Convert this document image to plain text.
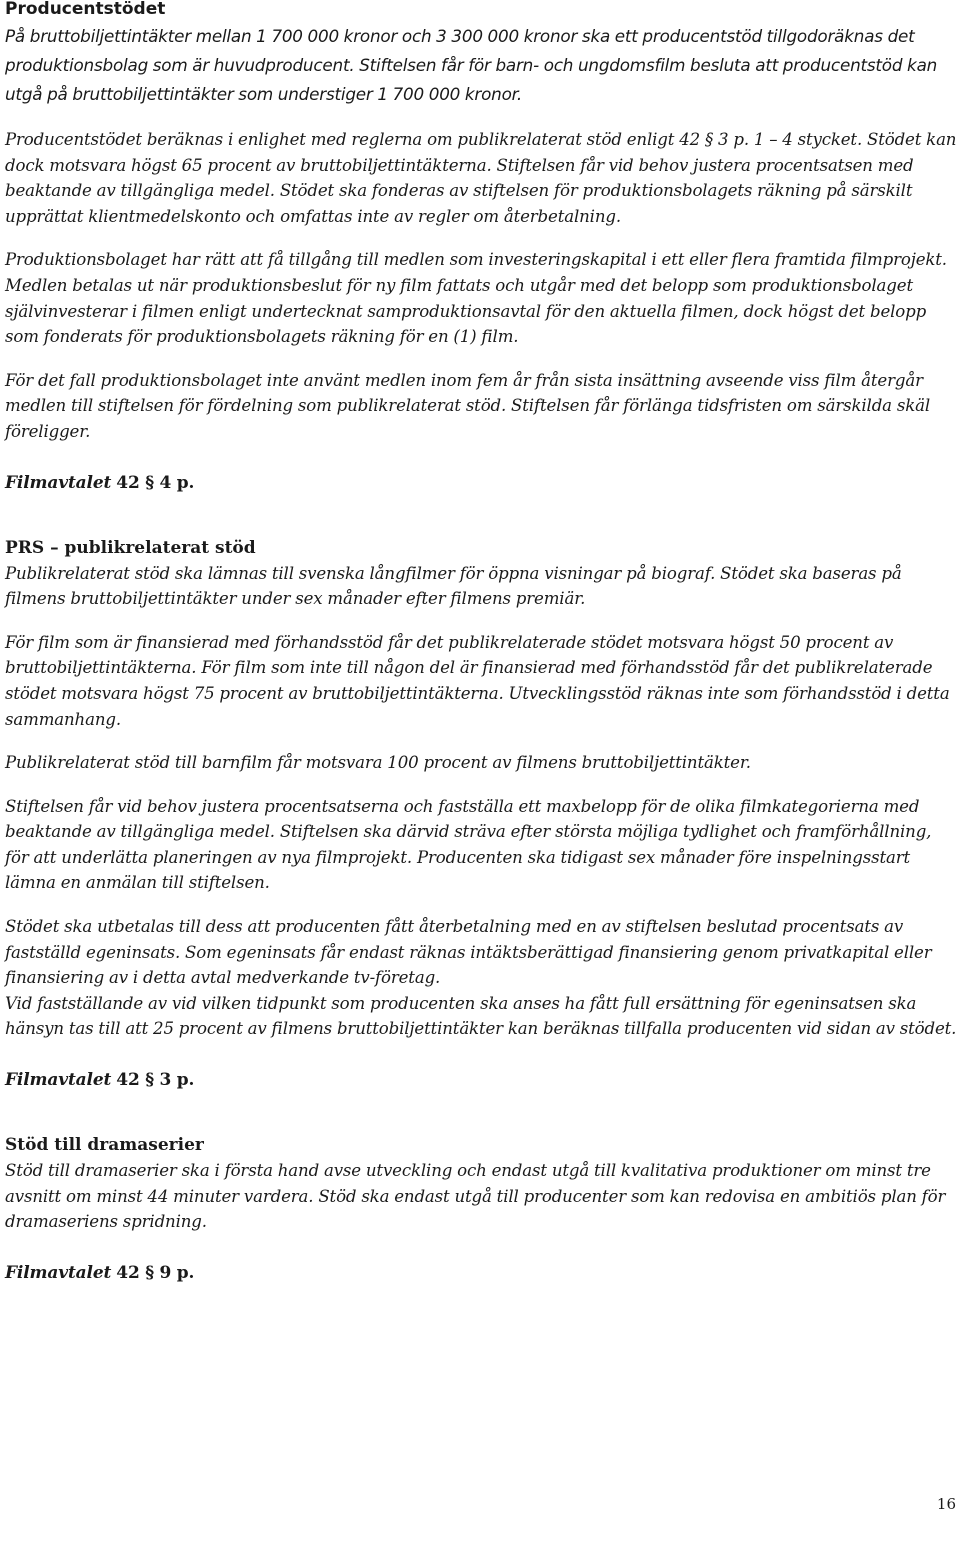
Producentstödet

På bruttobiljettintäkter mellan 1 700 000 kronor och 3 300 000 kronor ska ett producentstöd tillgodoräknas det produktionsbolag som är huvudproducent. Stiftelsen får för barn- och ungdomsfilm besluta att producentstöd kan utgå på bruttobiljettintäkter som understiger 1 700 000 kronor.

Producentstödet beräknas i enlighet med reglerna om publikrelaterat stöd enligt 42 § 3 p. 1 – 4 stycket. Stödet kan dock motsvara högst 65 procent av bruttobiljettintäkterna. Stiftelsen får vid behov justera procentsatsen med beaktande av tillgängliga medel. Stödet ska fonderas av stiftelsen för produktionsbolagets räkning på särskilt upprättat klientmedelskonto och omfattas inte av regler om återbetalning.

Produktionsbolaget har rätt att få tillgång till medlen som investeringskapital i ett eller flera framtida filmprojekt. Medlen betalas ut när produktionsbeslut för ny film fattats och utgår med det belopp som produktionsbolaget självinvesterar i filmen enligt undertecknat samproduktionsavtal för den aktuella filmen, dock högst det belopp som fonderats för produktionsbolagets räkning för en (1) film.

För det fall produktionsbolaget inte använt medlen inom fem år från sista insättning avseende viss film återgår medlen till stiftelsen för fördelning som publikrelaterat stöd. Stiftelsen får förlänga tidsfristen om särskilda skäl föreligger.

Filmavtalet 42 § 4 p.

PRS – publikrelaterat stöd

Publikrelaterat stöd ska lämnas till svenska långfilmer för öppna visningar på biograf. Stödet ska baseras på filmens bruttobiljettintäkter under sex månader efter filmens premiär.

För film som är finansierad med förhandsstöd får det publikrelaterade stödet motsvara högst 50 procent av bruttobiljettintäkterna. För film som inte till någon del är finansierad med förhandsstöd får det publikrelaterade stödet motsvara högst 75 procent av bruttobiljettintäkterna. Utvecklingsstöd räknas inte som förhandsstöd i detta sammanhang.

Publikrelaterat stöd till barnfilm får motsvara 100 procent av filmens bruttobiljettintäkter.

Stiftelsen får vid behov justera procentsatserna och fastställa ett maxbelopp för de olika filmkategorierna med beaktande av tillgängliga medel. Stiftelsen ska därvid sträva efter största möjliga tydlighet och framförhållning, för att underlätta planeringen av nya filmprojekt. Producenten ska tidigast sex månader före inspelningsstart lämna en anmälan till stiftelsen.

Stödet ska utbetalas till dess att producenten fått återbetalning med en av stiftelsen beslutad procentsats av fastställd egeninsats. Som egeninsats får endast räknas intäktsberättigad finansiering genom privatkapital eller finansiering av i detta avtal medverkande tv-företag.

Vid fastställande av vid vilken tidpunkt som producenten ska anses ha fått full ersättning för egeninsatsen ska hänsyn tas till att 25 procent av filmens bruttobiljettintäkter kan beräknas tillfalla producenten vid sidan av stödet.

Filmavtalet 42 § 3 p.

Stöd till dramaserier

Stöd till dramaserier ska i första hand avse utveckling och endast utgå till kvalitativa produktioner om minst tre avsnitt om minst 44 minuter vardera. Stöd ska endast utgå till producenter som kan redovisa en ambitiös plan för dramaseriens spridning.

Filmavtalet 42 § 9 p.

16
